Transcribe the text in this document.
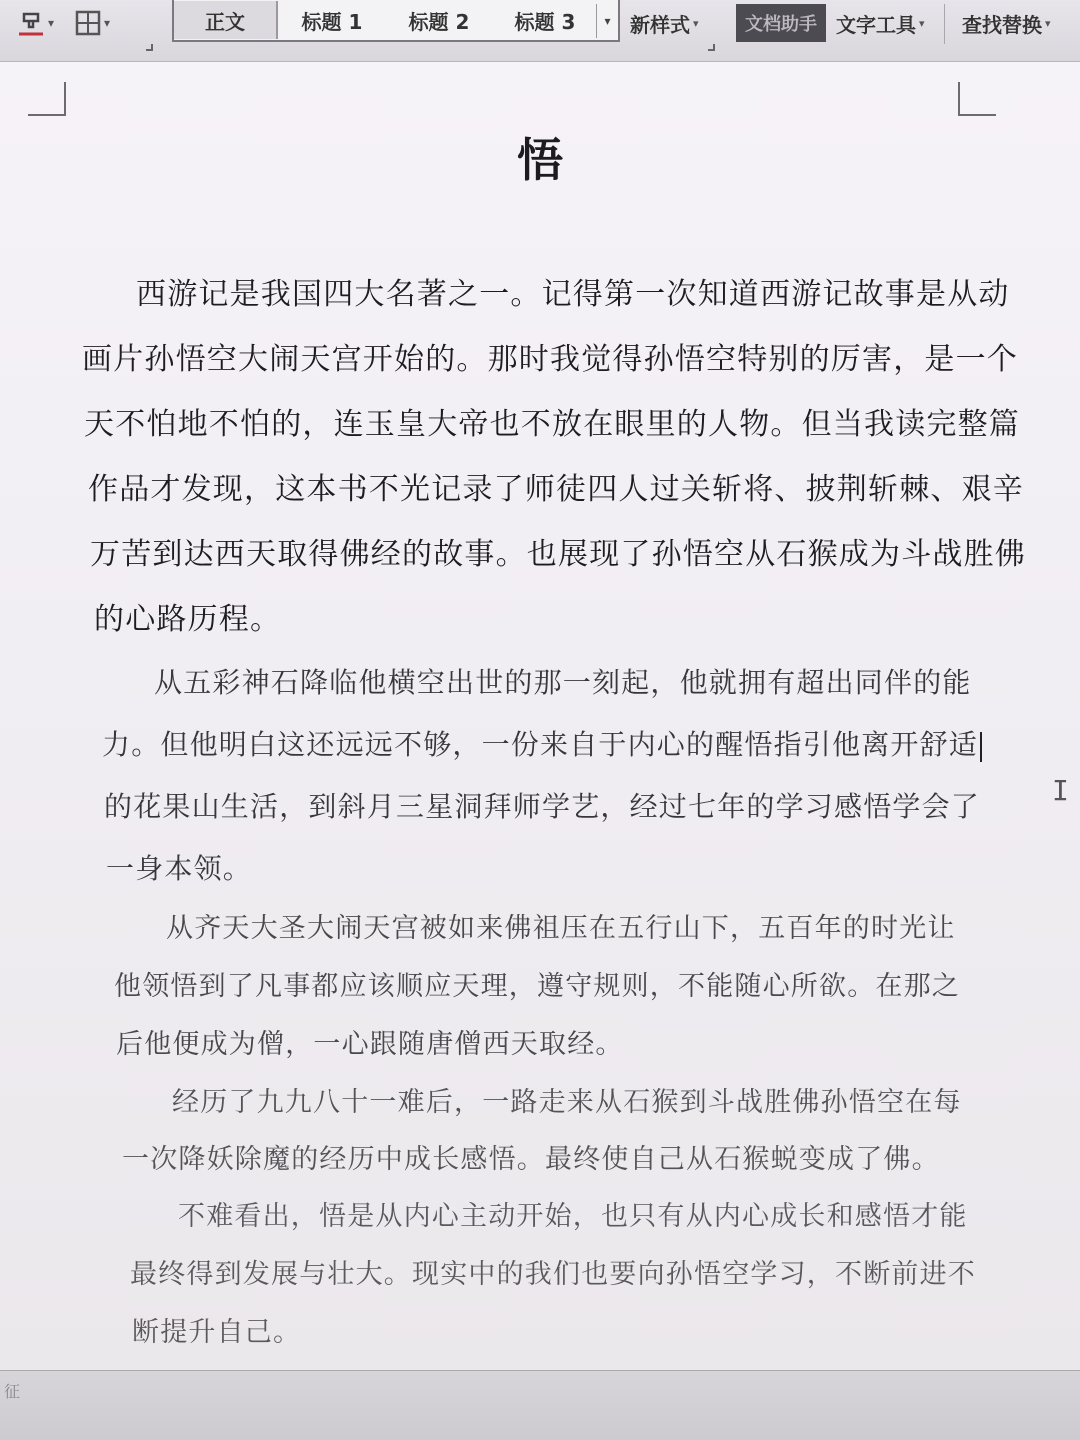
▾	▾	正文	标题 1	标题 2	标题 3	▾ 新样式 ▾	文档助手 文字工具 ▾ 查找替换 ▾
悟
西游记是我国四大名著之一。记得第一次知道西游记故事是从动
画片孙悟空大闹天宫开始的。那时我觉得孙悟空特别的厉害，是一个
天不怕地不怕的，连玉皇大帝也不放在眼里的人物。但当我读完整篇
作品才发现，这本书不光记录了师徒四人过关斩将、披荆斩棘、艰辛
万苦到达西天取得佛经的故事。也展现了孙悟空从石猴成为斗战胜佛
的心路历程。
从五彩神石降临他横空出世的那一刻起，他就拥有超出同伴的能
力。但他明白这还远远不够，一份来自于内心的醒悟指引他离开舒适
的花果山生活，到斜月三星洞拜师学艺，经过七年的学习感悟学会了
一身本领。
从齐天大圣大闹天宫被如来佛祖压在五行山下，五百年的时光让
他领悟到了凡事都应该顺应天理，遵守规则，不能随心所欲。在那之
后他便成为僧，一心跟随唐僧西天取经。
经历了九九八十一难后，一路走来从石猴到斗战胜佛孙悟空在每
一次降妖除魔的经历中成长感悟。最终使自己从石猴蜕变成了佛。
不难看出，悟是从内心主动开始，也只有从内心成长和感悟才能
最终得到发展与壮大。现实中的我们也要向孙悟空学习，不断前进不
断提升自己。
I
征
